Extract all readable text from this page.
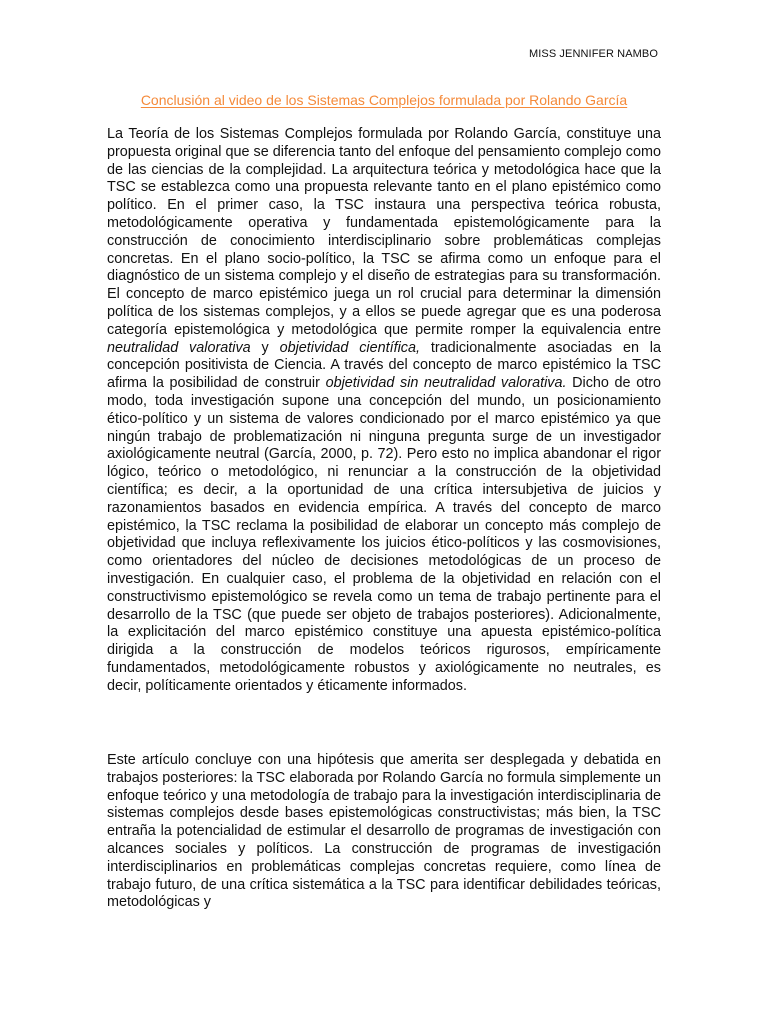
MISS JENNIFER NAMBO
Conclusión al video de los Sistemas Complejos formulada por Rolando García

La Teoría de los Sistemas Complejos formulada por Rolando García, constituye una propuesta original que se diferencia tanto del enfoque del pensamiento complejo como de las ciencias de la complejidad. La arquitectura teórica y metodológica hace que la TSC se establezca como una propuesta relevante tanto en el plano epistémico como político. En el primer caso, la TSC instaura una perspectiva teórica robusta, metodológicamente operativa y fundamentada epistemológicamente para la construcción de conocimiento interdisciplinario sobre problemáticas complejas concretas. En el plano socio-político, la TSC se afirma como un enfoque para el diagnóstico de un sistema complejo y el diseño de estrategias para su transformación. El concepto de marco epistémico juega un rol crucial para determinar la dimensión política de los sistemas complejos, y a ellos se puede agregar que es una poderosa categoría epistemológica y metodológica que permite romper la equivalencia entre neutralidad valorativa y objetividad científica, tradicionalmente asociadas en la concepción positivista de Ciencia. A través del concepto de marco epistémico la TSC afirma la posibilidad de construir objetividad sin neutralidad valorativa. Dicho de otro modo, toda investigación supone una concepción del mundo, un posicionamiento ético-político y un sistema de valores condicionado por el marco epistémico ya que ningún trabajo de problematización ni ninguna pregunta surge de un investigador axiológicamente neutral (García, 2000, p. 72). Pero esto no implica abandonar el rigor lógico, teórico o metodológico, ni renunciar a la construcción de la objetividad científica; es decir, a la oportunidad de una crítica intersubjetiva de juicios y razonamientos basados en evidencia empírica. A través del concepto de marco epistémico, la TSC reclama la posibilidad de elaborar un concepto más complejo de objetividad que incluya reflexivamente los juicios ético-políticos y las cosmovisiones, como orientadores del núcleo de decisiones metodológicas de un proceso de investigación. En cualquier caso, el problema de la objetividad en relación con el constructivismo epistemológico se revela como un tema de trabajo pertinente para el desarrollo de la TSC (que puede ser objeto de trabajos posteriores). Adicionalmente, la explicitación del marco epistémico constituye una apuesta epistémico-política dirigida a la construcción de modelos teóricos rigurosos, empíricamente fundamentados, metodológicamente robustos y axiológicamente no neutrales, es decir, políticamente orientados y éticamente informados.

Este artículo concluye con una hipótesis que amerita ser desplegada y debatida en trabajos posteriores: la TSC elaborada por Rolando García no formula simplemente un enfoque teórico y una metodología de trabajo para la investigación interdisciplinaria de sistemas complejos desde bases epistemológicas constructivistas; más bien, la TSC entraña la potencialidad de estimular el desarrollo de programas de investigación con alcances sociales y políticos. La construcción de programas de investigación interdisciplinarios en problemáticas complejas concretas requiere, como línea de trabajo futuro, de una crítica sistemática a la TSC para identificar debilidades teóricas, metodológicas y
